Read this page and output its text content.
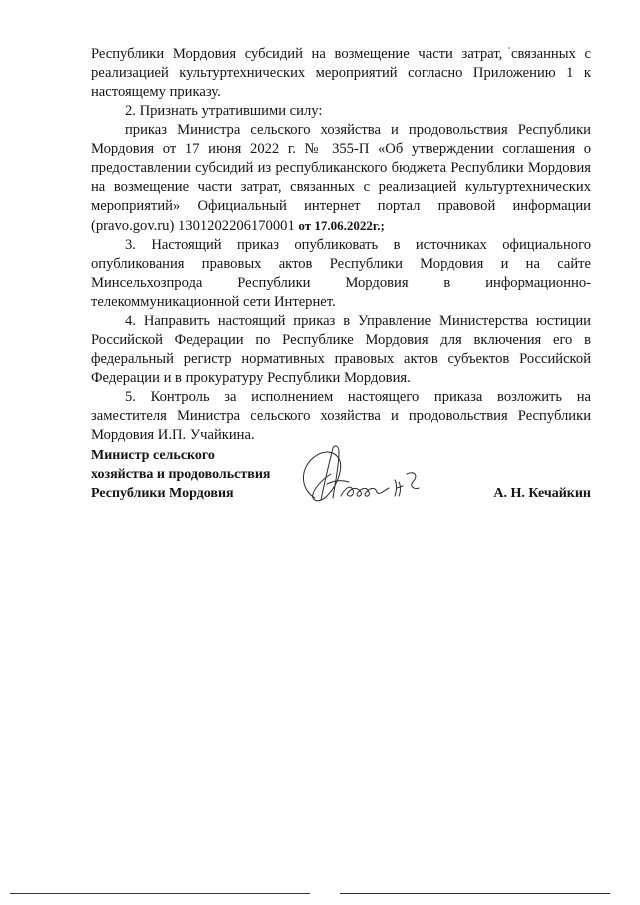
Республики Мордовия субсидий на возмещение части затрат, связанных с реализацией культуртехнических мероприятий согласно Приложению 1 к настоящему приказу.

2. Признать утратившими силу:

приказ Министра сельского хозяйства и продовольствия Республики Мордовия от 17 июня 2022 г. № 355-П «Об утверждении соглашения о предоставлении субсидий из республиканского бюджета Республики Мордовия на возмещение части затрат, связанных с реализацией культуртехнических мероприятий» Официальный интернет портал правовой информации (pravo.gov.ru) 1301202206170001 от 17.06.2022г.;

3. Настоящий приказ опубликовать в источниках официального опубликования правовых актов Республики Мордовия и на сайте Минсельхозпрода Республики Мордовия в информационно-телекоммуникационной сети Интернет.

4. Направить настоящий приказ в Управление Министерства юстиции Российской Федерации по Республике Мордовия для включения его в федеральный регистр нормативных правовых актов субъектов Российской Федерации и в прокуратуру Республики Мордовия.

5. Контроль за исполнением настоящего приказа возложить на заместителя Министра сельского хозяйства и продовольствия Республики Мордовия И.П. Учайкина.

Министр сельского
хозяйства и продовольствия
Республики Мордовия	А. Н. Кечайкин
